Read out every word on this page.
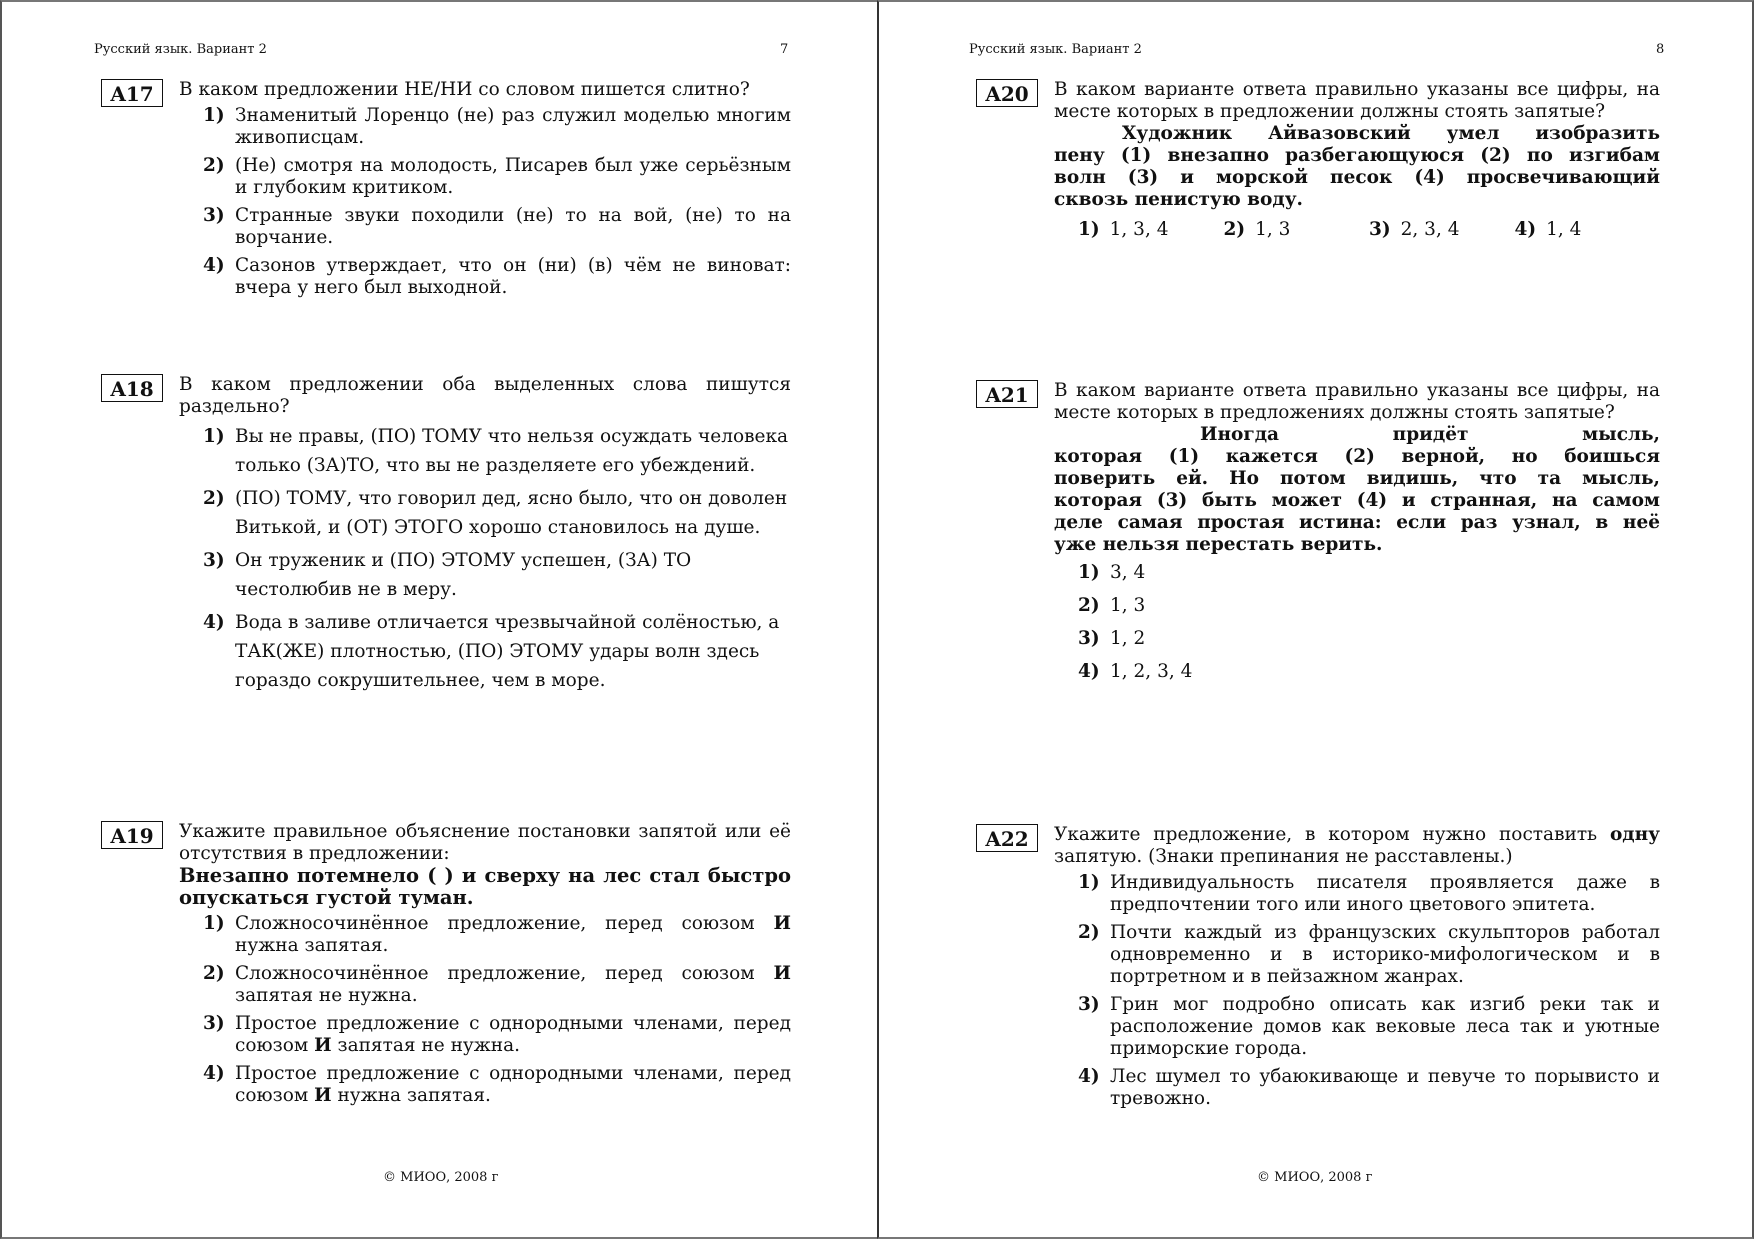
Русский язык. Вариант 2	7
A17	В каком предложении НЕ/НИ со словом пишется слитно?

1) Знаменитый Лоренцо (не) раз служил моделью многим живописцам.
2) (Не) смотря на молодость, Писарев был уже серьёзным и глубоким критиком.
3) Странные звуки походили (не) то на вой, (не) то на ворчание.
4) Сазонов утверждает, что он (ни) (в) чём не виноват: вчера у него был выходной.
A18	В каком предложении оба выделенных слова пишутся раздельно?

1) Вы не правы, (ПО) ТОМУ что нельзя осуждать человека только (ЗА)ТО, что вы не разделяете его убеждений.
2) (ПО) ТОМУ, что говорил дед, ясно было, что он доволен Витькой, и (ОТ) ЭТОГО хорошо становилось на душе.
3) Он труженик и (ПО) ЭТОМУ успешен, (ЗА) ТО честолюбив не в меру.
4) Вода в заливе отличается чрезвычайной солёностью, а ТАК(ЖЕ) плотностью, (ПО) ЭТОМУ удары волн здесь гораздо сокрушительнее, чем в море.
A19	Укажите правильное объяснение постановки запятой или её отсутствия в предложении:

Внезапно потемнело ( ) и сверху на лес стал быстро опускаться густой туман.

1) Сложносочинённое предложение, перед союзом И нужна запятая.
2) Сложносочинённое предложение, перед союзом И запятая не нужна.
3) Простое предложение с однородными членами, перед союзом И запятая не нужна.
4) Простое предложение с однородными членами, перед союзом И нужна запятая.
© МИОО, 2008 г
Русский язык. Вариант 2	8
A20	В каком варианте ответа правильно указаны все цифры, на месте которых в предложении должны стоять запятые?

Художник Айвазовский умел изобразить
пену (1) внезапно разбегающуюся (2) по изгибам
волн (3) и морской песок (4) просвечивающий
сквозь пенистую воду.
1) 1, 3, 4	2) 1, 3	3) 2, 3, 4	4) 1, 4
A21	В каком варианте ответа правильно указаны все цифры, на месте которых в предложениях должны стоять запятые?

Иногда придёт мысль,
которая (1) кажется (2) верной, но боишься
поверить ей. Но потом видишь, что та мысль,
которая (3) быть может (4) и странная, на самом
деле самая простая истина: если раз узнал, в неё
уже нельзя перестать верить.
1) 3, 4
2) 1, 3
3) 1, 2
4) 1, 2, 3, 4
A22	Укажите предложение, в котором нужно поставить одну запятую. (Знаки препинания не расставлены.)

1) Индивидуальность писателя проявляется даже в предпочтении того или иного цветового эпитета.
2) Почти каждый из французских скульпторов работал одновременно и в историко-мифологическом и в портретном и в пейзажном жанрах.
3) Грин мог подробно описать как изгиб реки так и расположение домов как вековые леса так и уютные приморские города.
4) Лес шумел то убаюкивающе и певуче то порывисто и тревожно.
© МИОО, 2008 г
